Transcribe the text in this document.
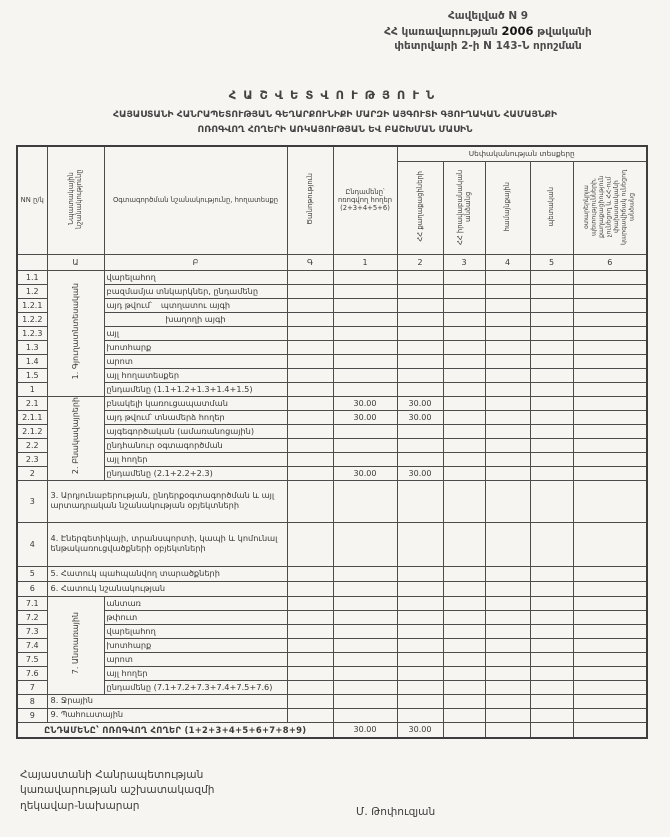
Հավելված N 9
ՀՀ կառավարության 2006 թվականի
փետրվարի 2-ի N 143-Ն որոշման
ՀԱՇՎԵՏՎՈՒԹՅՈՒՆ
ՀԱՅԱՍՏԱՆԻ ՀԱՆՐԱՊԵՏՈՒԹՅԱՆ ԳԵՂԱՐՔՈՒՆԻՔԻ ՄԱՐԶԻ ԱՅԳՈՒՏԻ ԳՅՈՒՂԱԿԱՆ ՀԱՄԱՅՆՔԻ
ՈՌՈԳՎՈՂ ՀՈՂԵՐԻ ԱՌԿԱՅՈՒԹՅԱՆ ԵՎ ԲԱՇԽՄԱՆ ՄԱՍԻՆ
NN ը/կ	Նպատակային նշանակությունը	Օգտագործման նշանակությունը, հողատեսքը	Ծանոթություն	Ընդամենը՝ ոռոգվող հողեր (2+3+4+5+6)	Սեփականության տեսքերը				
					ՀՀ քաղաքացիների	ՀՀ իրավաբանական անձանց	համայնքային	պետական	օտարերկրյա պետությունների, քաղաքացիություն չունեցող և ՀՀ-ում փախստականի կարգավիճակ ունեցող անձանց
	Ա	Բ	Գ	1	2	3	4	5	6
1.1	1. Գյուղատնտեսական	վարելահող							
1.2		բազմամյա տնկարկներ, ընդամենը							
1.2.1		այդ թվում՝ պտղատու այգի							
1.2.2		խաղողի այգի							
1.2.3		այլ							
1.3		խոտհարք							
1.4		արոտ							
1.5		այլ հողատեսքեր							
1		ընդամենը (1.1+1.2+1.3+1.4+1.5)							
2.1	2. Բնակավայրերի	բնակելի կառուցապատման		30.00	30.00				
2.1.1		այդ թվում՝ տնամերձ հողեր		30.00	30.00				
2.1.2		այգեգործական (ամառանոցային)							
2.2		ընդհանուր օգտագործման							
2.3		այլ հողեր							
2		ընդամենը (2.1+2.2+2.3)		30.00	30.00				
3	3. Արդյունաբերության, ընդերքօգտագործման և այլ արտադրական նշանակության օբյեկտների								
4	4. Էներգետիկայի, տրանսպորտի, կապի և կոմունալ ենթակառուցվածքների օբյեկտների								
5	5. Հատուկ պահպանվող տարածքների								
6	6. Հատուկ նշանակության								
7.1	7. Անտառային	անտառ							
7.2		թփուտ							
7.3		վարելահող							
7.4		խոտհարք							
7.5		արոտ							
7.6		այլ հողեր							
7		ընդամենը (7.1+7.2+7.3+7.4+7.5+7.6)							
8	8. Ջրային								
9	9. Պահուստային								
ԸՆԴԱՄԵՆԸ՝ ՈՌՈԳՎՈՂ ՀՈՂԵՐ (1+2+3+4+5+6+7+8+9)				30.00	30.00				
Հայաստանի Հանրապետության
կառավարության աշխատակազմի
ղեկավար-նախարար
Մ. Թոփուզյան
